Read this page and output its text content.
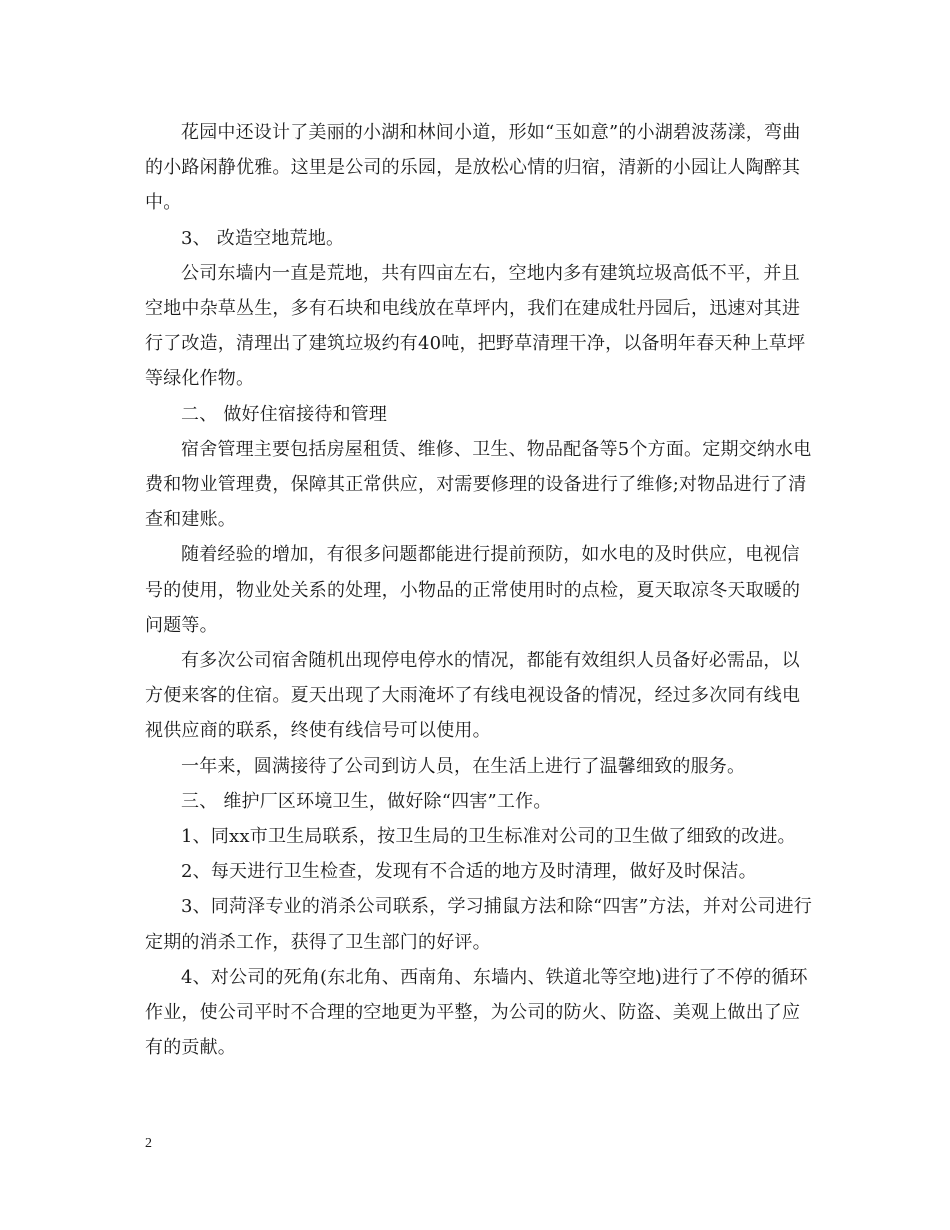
花园中还设计了美丽的小湖和林间小道，形如“玉如意”的小湖碧波荡漾，弯曲的小路闲静优雅。这里是公司的乐园，是放松心情的归宿，清新的小园让人陶醉其中。

3、 改造空地荒地。

公司东墙内一直是荒地，共有四亩左右，空地内多有建筑垃圾高低不平，并且空地中杂草丛生，多有石块和电线放在草坪内，我们在建成牡丹园后，迅速对其进行了改造，清理出了建筑垃圾约有40吨，把野草清理干净，以备明年春天种上草坪等绿化作物。

二、 做好住宿接待和管理

宿舍管理主要包括房屋租赁、维修、卫生、物品配备等5个方面。定期交纳水电费和物业管理费，保障其正常供应，对需要修理的设备进行了维修;对物品进行了清查和建账。

随着经验的增加，有很多问题都能进行提前预防，如水电的及时供应，电视信号的使用，物业处关系的处理，小物品的正常使用时的点检，夏天取凉冬天取暖的问题等。

有多次公司宿舍随机出现停电停水的情况，都能有效组织人员备好必需品，以方便来客的住宿。夏天出现了大雨淹坏了有线电视设备的情况，经过多次同有线电视供应商的联系，终使有线信号可以使用。

一年来，圆满接待了公司到访人员，在生活上进行了温馨细致的服务。

三、 维护厂区环境卫生，做好除“四害”工作。

1、同xx市卫生局联系，按卫生局的卫生标准对公司的卫生做了细致的改进。

2、每天进行卫生检查，发现有不合适的地方及时清理，做好及时保洁。

3、同菏泽专业的消杀公司联系，学习捕鼠方法和除“四害”方法，并对公司进行定期的消杀工作，获得了卫生部门的好评。

4、对公司的死角(东北角、西南角、东墙内、铁道北等空地)进行了不停的循环作业，使公司平时不合理的空地更为平整，为公司的防火、防盗、美观上做出了应有的贡献。

2
